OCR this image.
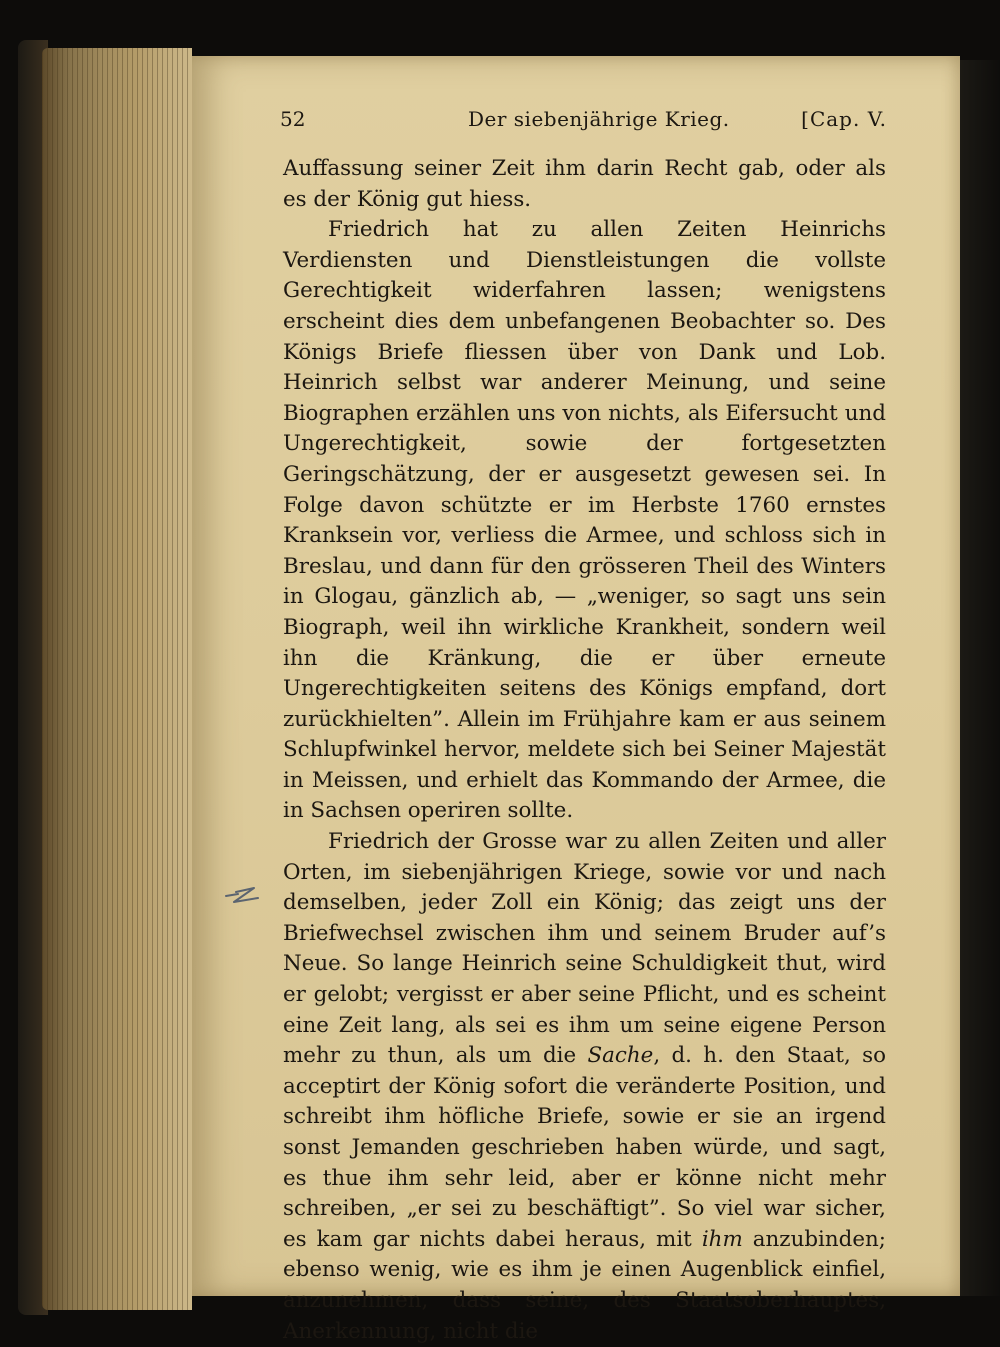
52	Der siebenjährige Krieg.	[Cap. V.

Auffassung seiner Zeit ihm darin Recht gab, oder als es der König gut hiess.

Friedrich hat zu allen Zeiten Heinrichs Verdiensten und Dienstleistungen die vollste Gerechtigkeit widerfahren lassen; wenigstens erscheint dies dem unbefangenen Beobachter so. Des Königs Briefe fliessen über von Dank und Lob. Heinrich selbst war anderer Meinung, und seine Biographen erzählen uns von nichts, als Eifersucht und Ungerechtigkeit, sowie der fortgesetzten Geringschätzung, der er ausgesetzt gewesen sei. In Folge davon schützte er im Herbste 1760 ernstes Kranksein vor, verliess die Armee, und schloss sich in Breslau, und dann für den grösseren Theil des Winters in Glogau, gänzlich ab, — „weniger, so sagt uns sein Biograph, weil ihn wirkliche Krankheit, sondern weil ihn die Kränkung, die er über erneute Ungerechtigkeiten seitens des Königs empfand, dort zurückhielten”. Allein im Frühjahre kam er aus seinem Schlupfwinkel hervor, meldete sich bei Seiner Majestät in Meissen, und erhielt das Kommando der Armee, die in Sachsen operiren sollte.

Friedrich der Grosse war zu allen Zeiten und aller Orten, im siebenjährigen Kriege, sowie vor und nach demselben, jeder Zoll ein König; das zeigt uns der Briefwechsel zwischen ihm und seinem Bruder auf’s Neue. So lange Heinrich seine Schuldigkeit thut, wird er gelobt; vergisst er aber seine Pflicht, und es scheint eine Zeit lang, als sei es ihm um seine eigene Person mehr zu thun, als um die Sache, d. h. den Staat, so acceptirt der König sofort die veränderte Position, und schreibt ihm höfliche Briefe, sowie er sie an irgend sonst Jemanden geschrieben haben würde, und sagt, es thue ihm sehr leid, aber er könne nicht mehr schreiben, „er sei zu beschäftigt”. So viel war sicher, es kam gar nichts dabei heraus, mit ihm anzubinden; ebenso wenig, wie es ihm je einen Augenblick einfiel, anzunehmen, dass seine, des Staatsoberhauptes, Anerkennung, nicht die
